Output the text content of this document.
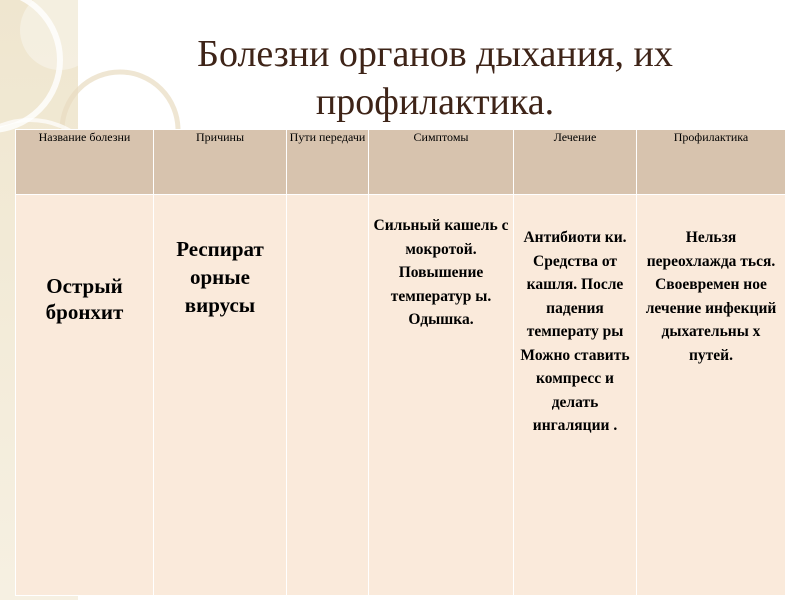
Болезни органов дыхания, их
профилактика.
Название болезни	Причины	Пути передачи	Симптомы	Лечение	Профилактика

Острый бронхит	Респират орные вирусы		Сильный кашель с мокротой. Повышение температур ы. Одышка.	Антибиоти ки. Средства от кашля. После падения температу ры Можно ставить компресс и делать ингаляции .	Нельзя переохлажда ться. Своевремен ное лечение инфекций дыхательны х путей.
